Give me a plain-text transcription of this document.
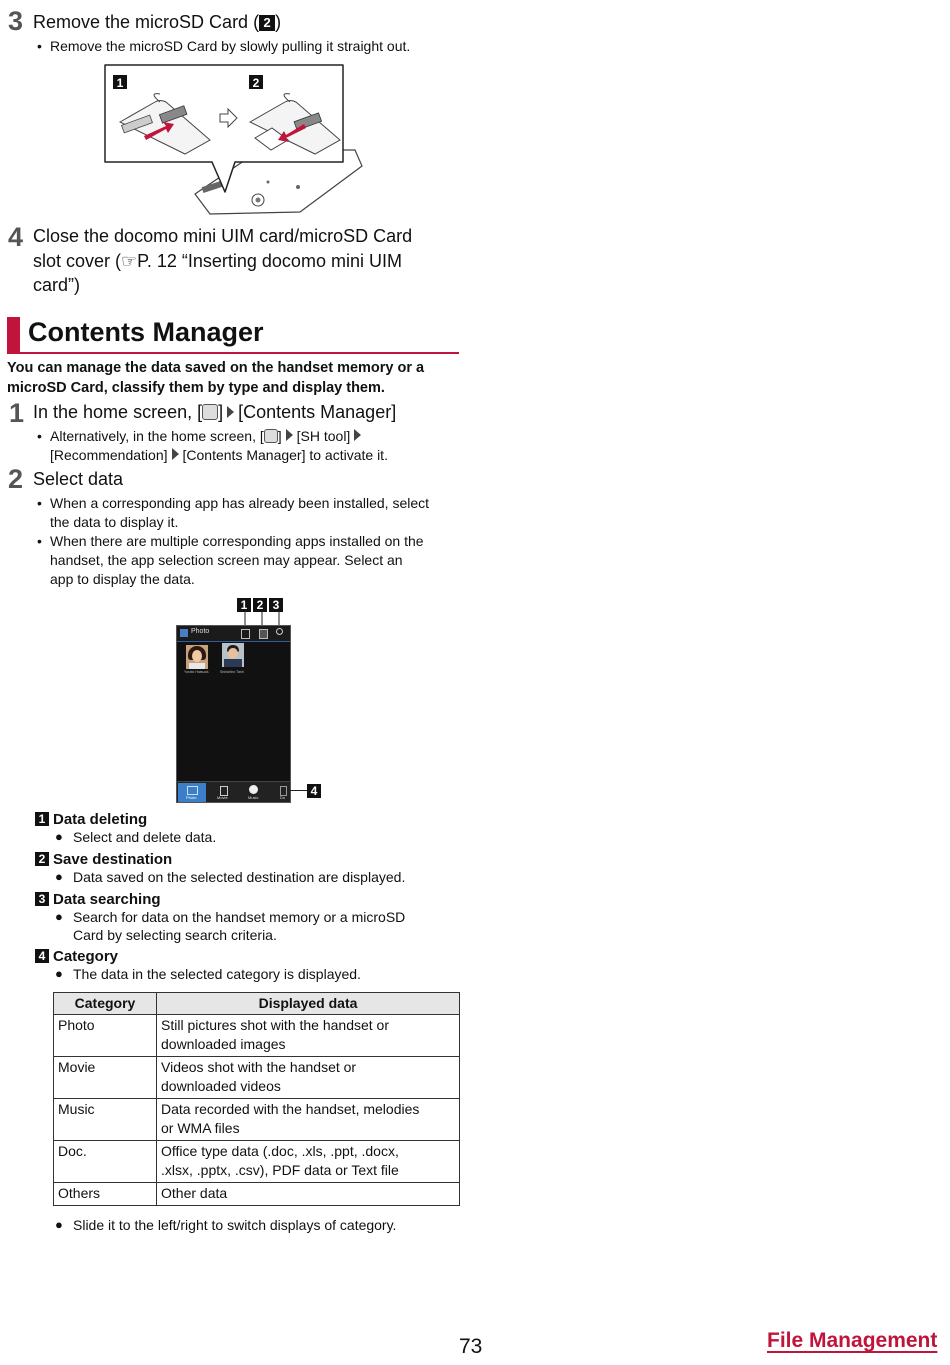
3 Remove the microSD Card ( 2 )
• Remove the microSD Card by slowly pulling it straight out.
1	2
4 Close the docomo mini UIM card/microSD Card
slot cover (☞P. 12 “Inserting docomo mini UIM
card”)
Contents Manager
You can manage the data saved on the handset memory or a
microSD Card, classify them by type and display them.
1 In the home screen, [ ] [Contents Manager]
• Alternatively, in the home screen, [ ] [SH tool]
[Recommendation] [Contents Manager] to activate it.
2 Select data
• When a corresponding app has already been installed, select
the data to display it.
• When there are multiple corresponding apps installed on the
handset, the app selection screen may appear. Select an
app to display the data.
1 2 3
Photo
Yoshio Hatsuda	Shinichiro Tanh
Photo	Movie	Music	Do	4
1 Data deleting
● Select and delete data.
2 Save destination
● Data saved on the selected destination are displayed.
3 Data searching
● Search for data on the handset memory or a microSD
Card by selecting search criteria.
4 Category
● The data in the selected category is displayed.
Category	Displayed data
Photo	Still pictures shot with the handset or
downloaded images

Movie	Videos shot with the handset or
downloaded videos

Music	Data recorded with the handset, melodies
or WMA files

Doc.	Office type data (.doc, .xls, .ppt, .docx,
.xlsx, .pptx, .csv), PDF data or Text file

Others	Other data
● Slide it to the left/right to switch displays of category.
73	File Management
